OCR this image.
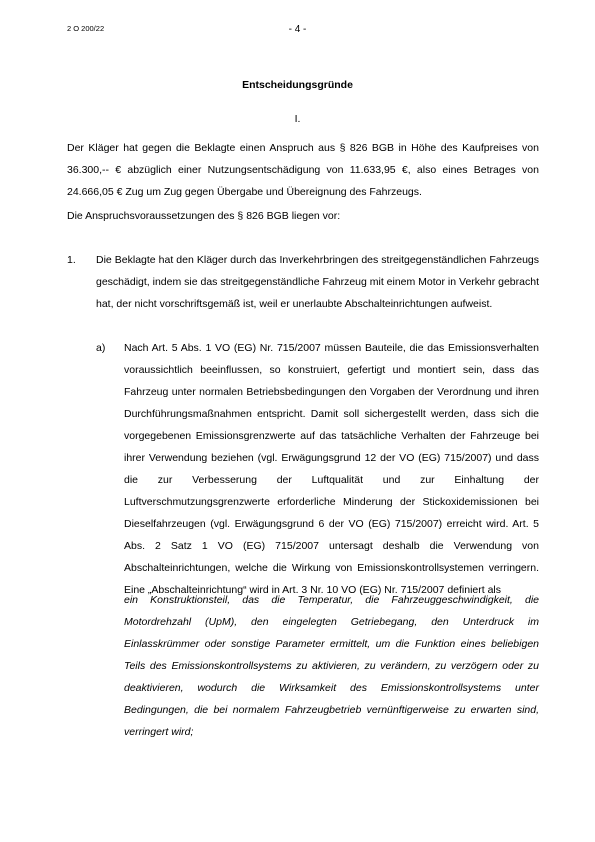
2 O 200/22	- 4 -
Entscheidungsgründe
I.

Der Kläger hat gegen die Beklagte einen Anspruch aus § 826 BGB in Höhe des Kaufpreises von 36.300,-- € abzüglich einer Nutzungsentschädigung von 11.633,95 €, also eines Betrages von 24.666,05 € Zug um Zug gegen Übergabe und Übereignung des Fahrzeugs.

Die Anspruchsvoraussetzungen des § 826 BGB liegen vor:

1. Die Beklagte hat den Kläger durch das Inverkehrbringen des streitgegenständlichen Fahrzeugs geschädigt, indem sie das streitgegenständliche Fahrzeug mit einem Motor in Verkehr gebracht hat, der nicht vorschriftsgemäß ist, weil er unerlaubte Abschalteinrichtungen aufweist.

a) Nach Art. 5 Abs. 1 VO (EG) Nr. 715/2007 müssen Bauteile, die das Emissionsverhalten voraussichtlich beeinflussen, so konstruiert, gefertigt und montiert sein, dass das Fahrzeug unter normalen Betriebsbedingungen den Vorgaben der Verordnung und ihren Durchführungsmaßnahmen entspricht. Damit soll sichergestellt werden, dass sich die vorgegebenen Emissionsgrenzwerte auf das tatsächliche Verhalten der Fahrzeuge bei ihrer Verwendung beziehen (vgl. Erwägungsgrund 12 der VO (EG) 715/2007) und dass die zur Verbesserung der Luftqualität und zur Einhaltung der Luftverschmutzungsgrenzwerte erforderliche Minderung der Stickoxidemissionen bei Dieselfahrzeugen (vgl. Erwägungsgrund 6 der VO (EG) 715/2007) erreicht wird. Art. 5 Abs. 2 Satz 1 VO (EG) 715/2007 untersagt deshalb die Verwendung von Abschalteinrichtungen, welche die Wirkung von Emissionskontrollsystemen verringern. Eine „Abschalteinrichtung“ wird in Art. 3 Nr. 10 VO (EG) Nr. 715/2007 definiert als

ein Konstruktionsteil, das die Temperatur, die Fahrzeuggeschwindigkeit, die Motordrehzahl (UpM), den eingelegten Getriebegang, den Unterdruck im Einlasskrümmer oder sonstige Parameter ermittelt, um die Funktion eines beliebigen Teils des Emissionskontrollsystems zu aktivieren, zu verändern, zu verzögern oder zu deaktivieren, wodurch die Wirksamkeit des Emissionskontrollsystems unter Bedingungen, die bei normalem Fahrzeugbetrieb vernünftigerweise zu erwarten sind, verringert wird;
